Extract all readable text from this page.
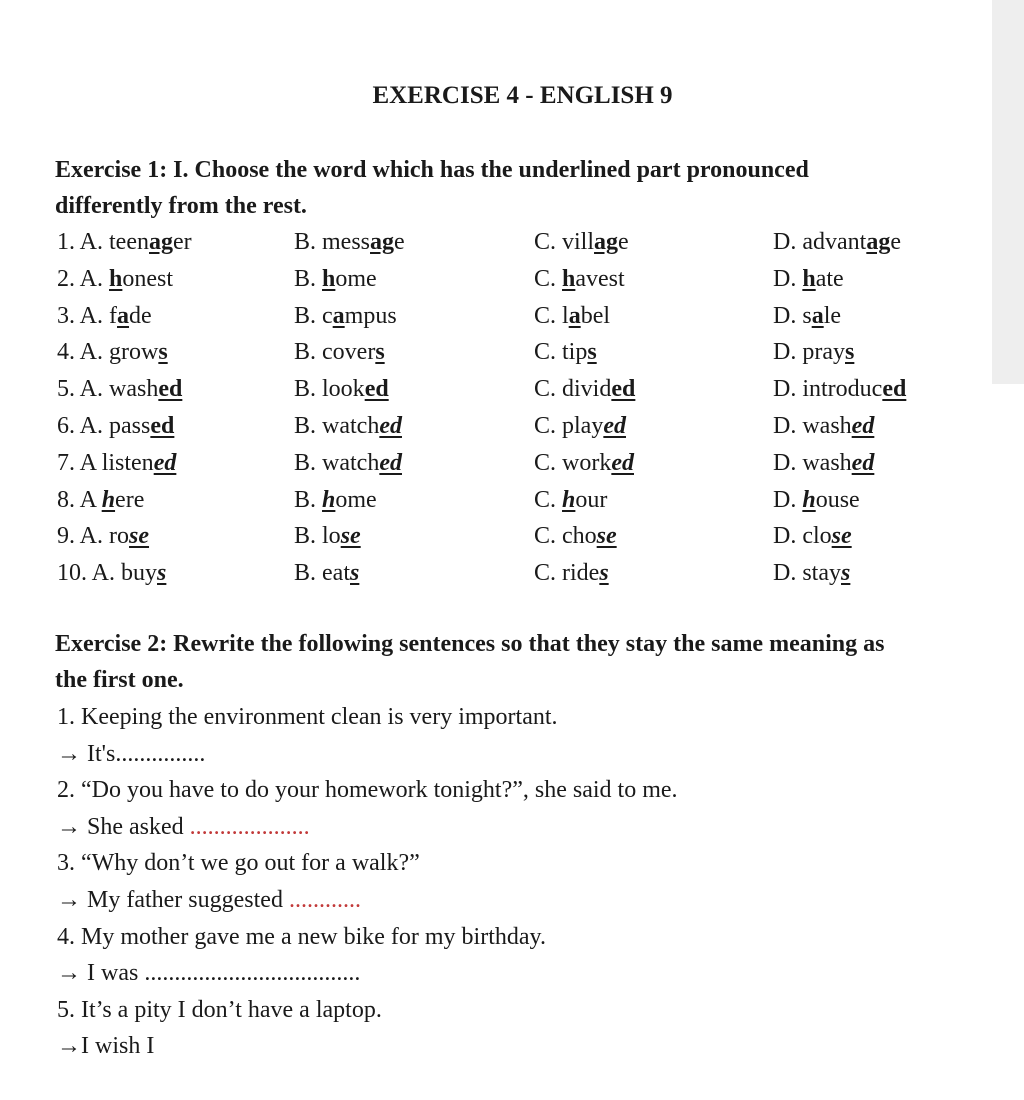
EXERCISE 4 - ENGLISH 9
Exercise 1: I. Choose the word which has the underlined part pronounced
differently from the rest.
1. A. teenager	B. message	C. village	D. advantage
2. A. honest	B. home	C. havest	D. hate
3. A. fade	B. campus	C. label	D. sale
4. A. grows	B. covers	C. tips	D. prays
5. A. washed	B. looked	C. divided	D. introduced
6. A. passed	B. watched	C. played	D. washed
7. A listened	B. watched	C. worked	D. washed
8. A here	B. home	C. hour	D. house
9. A. rose	B. lose	C. chose	D. close
10. A. buys	B. eats	C. rides	D. stays
Exercise 2: Rewrite the following sentences so that they stay the same meaning as
the first one.
1. Keeping the environment clean is very important.
→ It's...............
2. “Do you have to do your homework tonight?”, she said to me.
→ She asked ....................
3. “Why don’t we go out for a walk?”
→ My father suggested ............
4. My mother gave me a new bike for my birthday.
→ I was ....................................
5. It’s a pity I don’t have a laptop.
→I wish I
